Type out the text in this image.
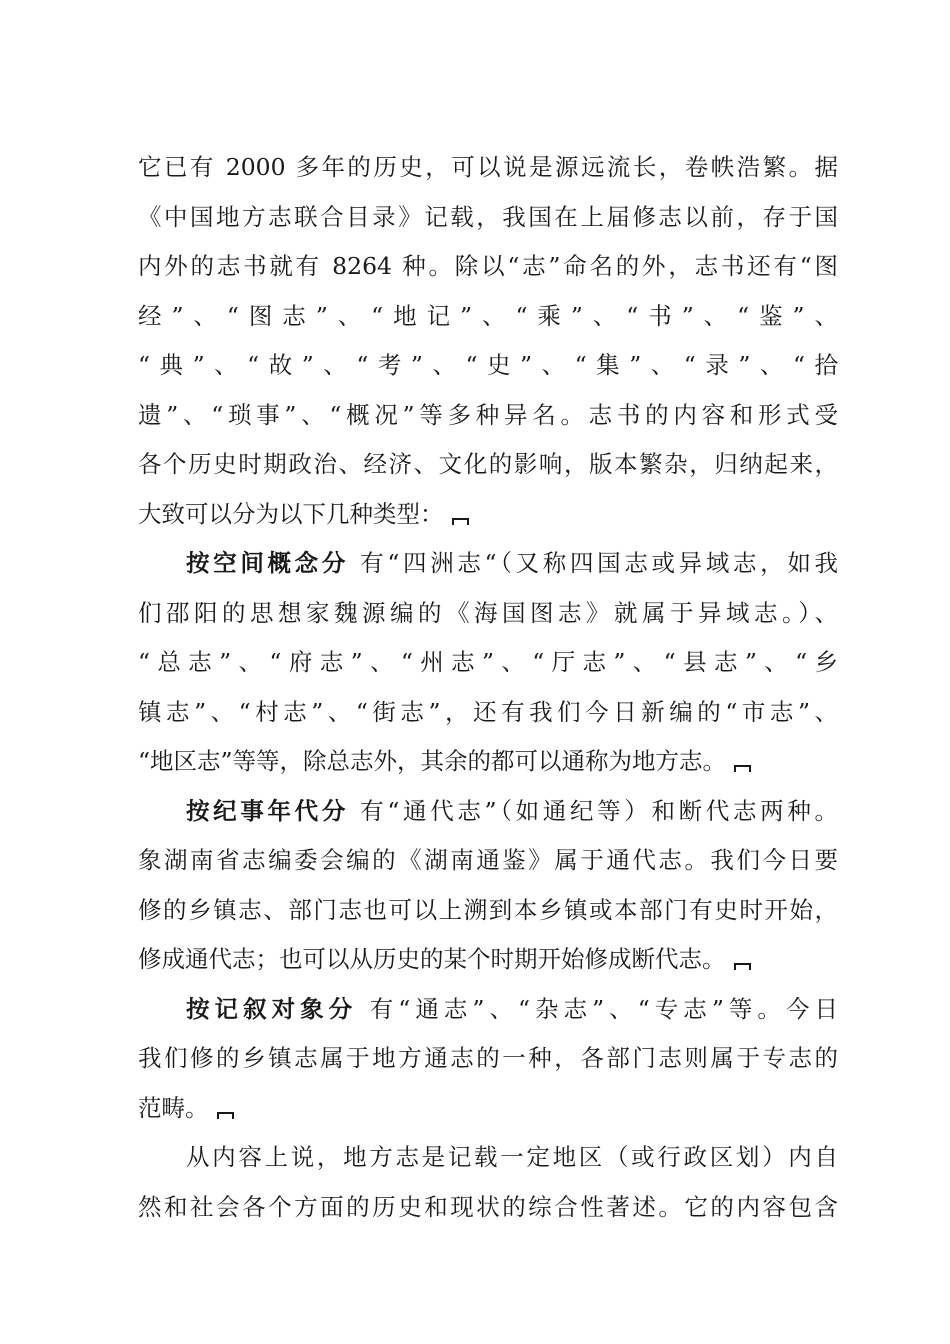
它已有 2000 多年的历史，可以说是源远流长，卷帙浩繁。据
《中国地方志联合目录》记载，我国在上届修志以前，存于国
内外的志书就有 8264 种。除以“志”命名的外，志书还有“图
经”、“图志”、“地记”、“乘”、“书”、“鉴”、
“典”、“故”、“考”、“史”、“集”、“录”、“拾
遗”、“琐事”、“概况”等多种异名。志书的内容和形式受
各个历史时期政治、经济、文化的影响，版本繁杂，归纳起来，
大致可以分为以下几种类型：
按空间概念分 有“四洲志“（又称四国志或异域志，如我
们邵阳的思想家魏源编的《海国图志》就属于异域志。）、
“总志”、“府志”、“州志”、“厅志”、“县志”、“乡
镇志”、“村志”、“街志”，还有我们今日新编的“市志”、
“地区志”等等，除总志外，其余的都可以通称为地方志。
按纪事年代分 有“通代志”（如通纪等）和断代志两种。
象湖南省志编委会编的《湖南通鉴》属于通代志。我们今日要
修的乡镇志、部门志也可以上溯到本乡镇或本部门有史时开始，
修成通代志；也可以从历史的某个时期开始修成断代志。
按记叙对象分 有“通志”、“杂志”、“专志”等。今日
我们修的乡镇志属于地方通志的一种，各部门志则属于专志的
范畴。
从内容上说，地方志是记载一定地区（或行政区划）内自
然和社会各个方面的历史和现状的综合性著述。它的内容包含
